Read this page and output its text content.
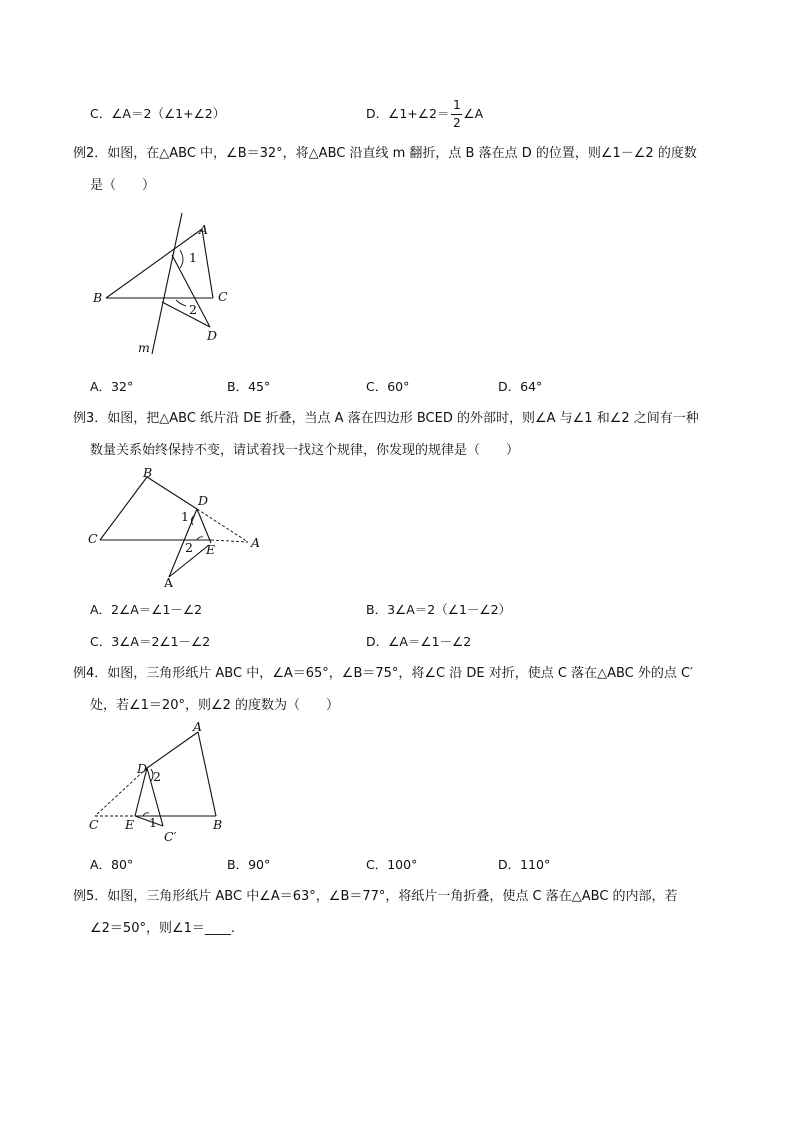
C．∠A＝2（∠1+∠2）	D．∠1+∠2＝ ∠A
1
2
例2．如图，在△ABC 中，∠B＝32°，将△ABC 沿直线 m 翻折，点 B 落在点 D 的位置，则∠1－∠2 的度数
是（　　）
A
B	C
D
m
1
2
A．32°	B．45°	C．60°	D．64°
例3．如图，把△ABC 纸片沿 DE 折叠，当点 A 落在四边形 BCED 的外部时，则∠A 与∠1 和∠2 之间有一种
数量关系始终保持不变，请试着找一找这个规律，你发现的规律是（　　）
B
C
D
E	A
A
1
2
A．2∠A＝∠1－∠2	B．3∠A＝2（∠1－∠2）
C．3∠A＝2∠1－∠2	D．∠A＝∠1－∠2
例4．如图，三角形纸片 ABC 中，∠A＝65°，∠B＝75°，将∠C 沿 DE 对折，使点 C 落在△ABC 外的点 C′
处，若∠1＝20°，则∠2 的度数为（　　）
A
B
C
D
E
C′
1
2
A．80°	B．90°	C．100°	D．110°
例5．如图，三角形纸片 ABC 中∠A＝63°，∠B＝77°，将纸片一角折叠，使点 C 落在△ABC 的内部，若
∠2＝50°，则∠1＝____.
